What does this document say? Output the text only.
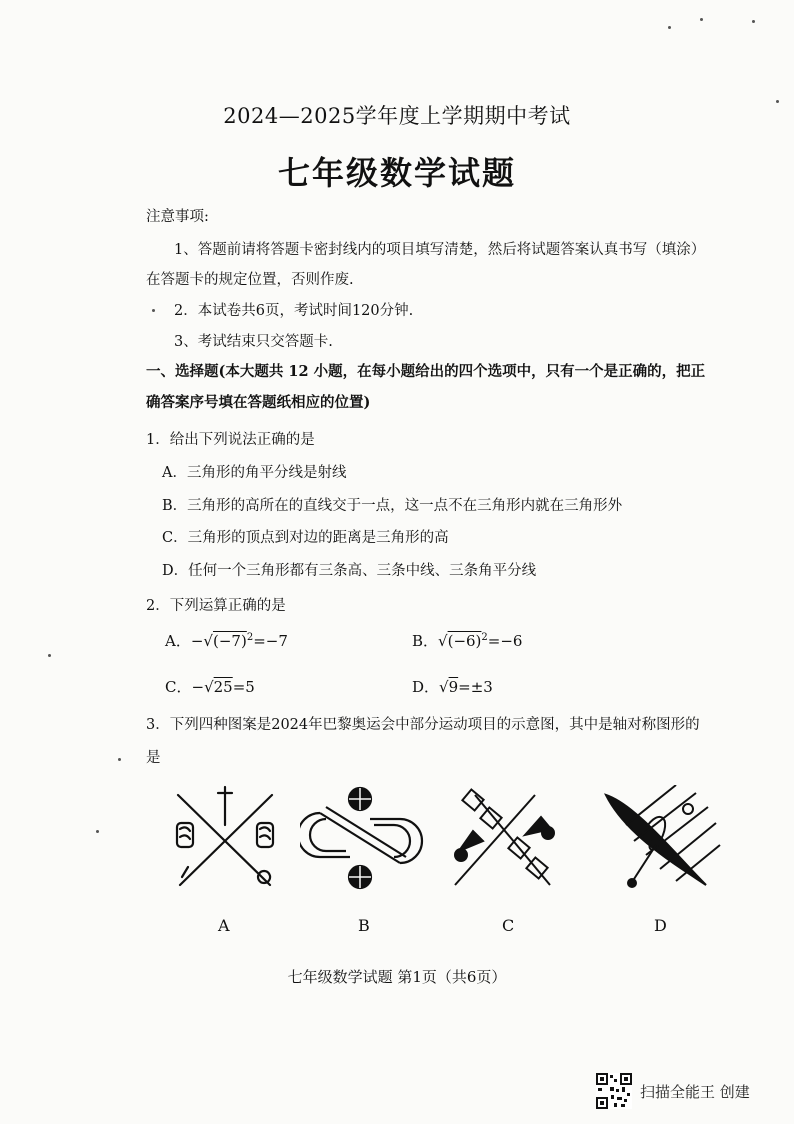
2024—2025学年度上学期期中考试
七年级数学试题
注意事项:
1、答题前请将答题卡密封线内的项目填写清楚，然后将试题答案认真书写（填涂）
在答题卡的规定位置，否则作废.
2．本试卷共6页，考试时间120分钟.
3、考试结束只交答题卡.
一、选择题(本大题共 12 小题，在每小题给出的四个选项中，只有一个是正确的，把正
确答案序号填在答题纸相应的位置)
1．给出下列说法正确的是
A．三角形的角平分线是射线
B．三角形的高所在的直线交于一点，这一点不在三角形内就在三角形外
C．三角形的顶点到对边的距离是三角形的高
D．任何一个三角形都有三条高、三条中线、三条角平分线
2．下列运算正确的是
A．$-√(-7)^2=-7$	B．$√(-6)^2=-6$
C．−√25=5	D．√9=±3
3．下列四种图案是2024年巴黎奥运会中部分运动项目的示意图，其中是轴对称图形的
是
A	B	C	D
七年级数学试题 第1页（共6页）
扫描全能王 创建
